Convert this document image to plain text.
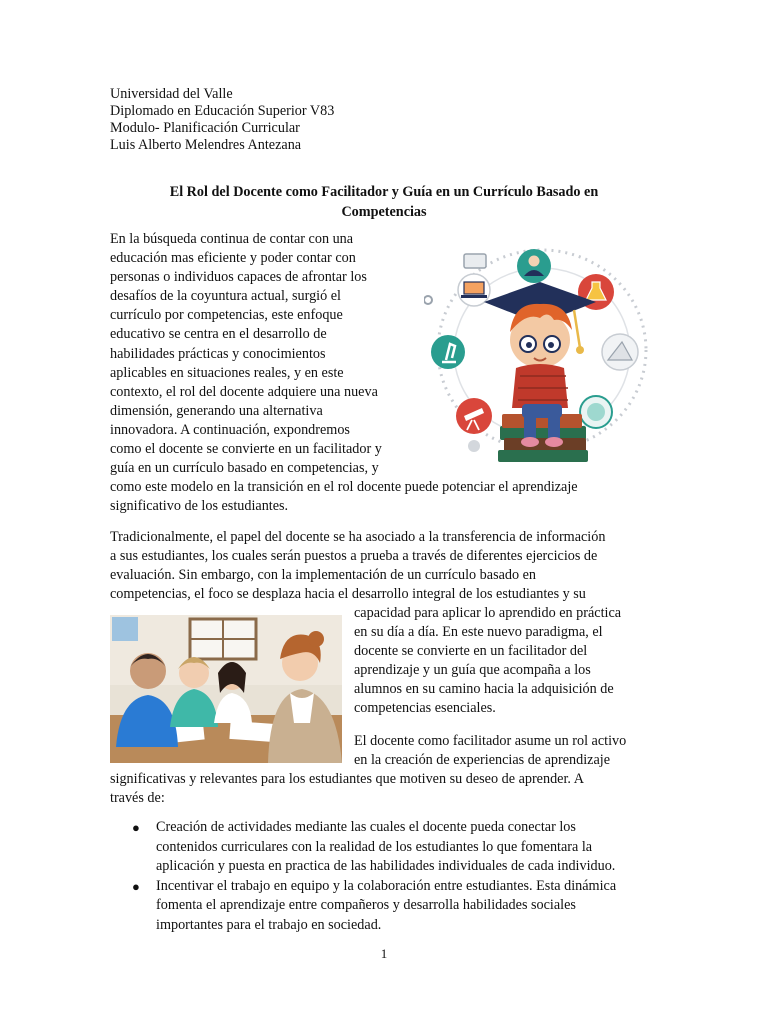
Universidad del Valle
Diplomado en Educación Superior V83
Modulo- Planificación Curricular
Luis Alberto Melendres Antezana
El Rol del Docente como Facilitador y Guía en un Currículo Basado en
Competencias
En la búsqueda continua de contar con una
educación mas eficiente y poder contar con
personas o individuos capaces de afrontar los
desafíos de la coyuntura actual, surgió el
currículo por competencias, este enfoque
educativo se centra en el desarrollo de
habilidades prácticas y conocimientos
aplicables en situaciones reales, y en este
contexto, el rol del docente adquiere una nueva
dimensión, generando una alternativa
innovadora. A continuación, expondremos
como el docente se convierte en un facilitador y
guía en un currículo basado en competencias, y
como este modelo en la transición en el rol docente puede potenciar el aprendizaje
significativo de los estudiantes.
Tradicionalmente, el papel del docente se ha asociado a la transferencia de información
a sus estudiantes, los cuales serán puestos a prueba a través de diferentes ejercicios de
evaluación. Sin embargo, con la implementación de un currículo basado en
competencias, el foco se desplaza hacia el desarrollo integral de los estudiantes y su
capacidad para aplicar lo aprendido en práctica
en su día a día. En este nuevo paradigma, el
docente se convierte en un facilitador del
aprendizaje y un guía que acompaña a los
alumnos en su camino hacia la adquisición de
competencias esenciales.
El docente como facilitador asume un rol activo
en la creación de experiencias de aprendizaje
significativas y relevantes para los estudiantes que motiven su deseo de aprender. A
través de:
● Creación de actividades mediante las cuales el docente pueda conectar los
contenidos curriculares con la realidad de los estudiantes lo que fomentara la
aplicación y puesta en practica de las habilidades individuales de cada individuo.
● Incentivar el trabajo en equipo y la colaboración entre estudiantes. Esta dinámica
fomenta el aprendizaje entre compañeros y desarrolla habilidades sociales
importantes para el trabajo en sociedad.
1
